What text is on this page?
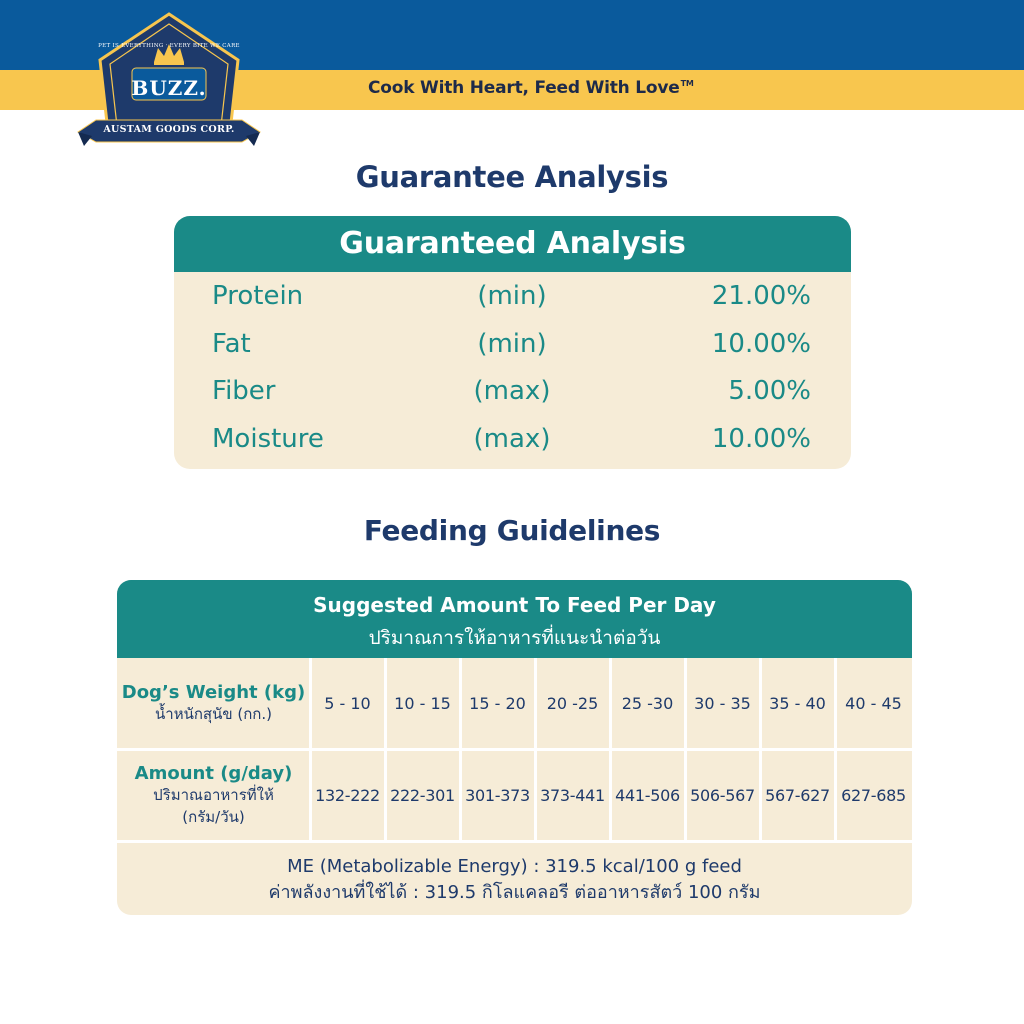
Cook With Heart, Feed With Love™
BUZZ.
AUSTAM GOODS CORP.
PET IS EVERYTHING · EVERY BITE WE CARE
Guarantee Analysis
Guaranteed Analysis
Protein	(min)	21.00%
Fat	(min)	10.00%
Fiber	(max)	5.00%
Moisture	(max)	10.00%
Feeding Guidelines
Suggested Amount To Feed Per Day
ปริมาณการให้อาหารที่แนะนำต่อวัน
Dog’s Weight (kg)
น้ำหนักสุนัข (กก.)
Amount (g/day)
ปริมาณอาหารที่ให้
(กรัม/วัน)
5 - 10	10 - 15	15 - 20	20 -25	25 -30	30 - 35	35 - 40	40 - 45
132-222 222-301 301-373 373-441 441-506 506-567 567-627 627-685
ME (Metabolizable Energy) : 319.5 kcal/100 g feed
ค่าพลังงานที่ใช้ได้ : 319.5 กิโลแคลอรี ต่ออาหารสัตว์ 100 กรัม
